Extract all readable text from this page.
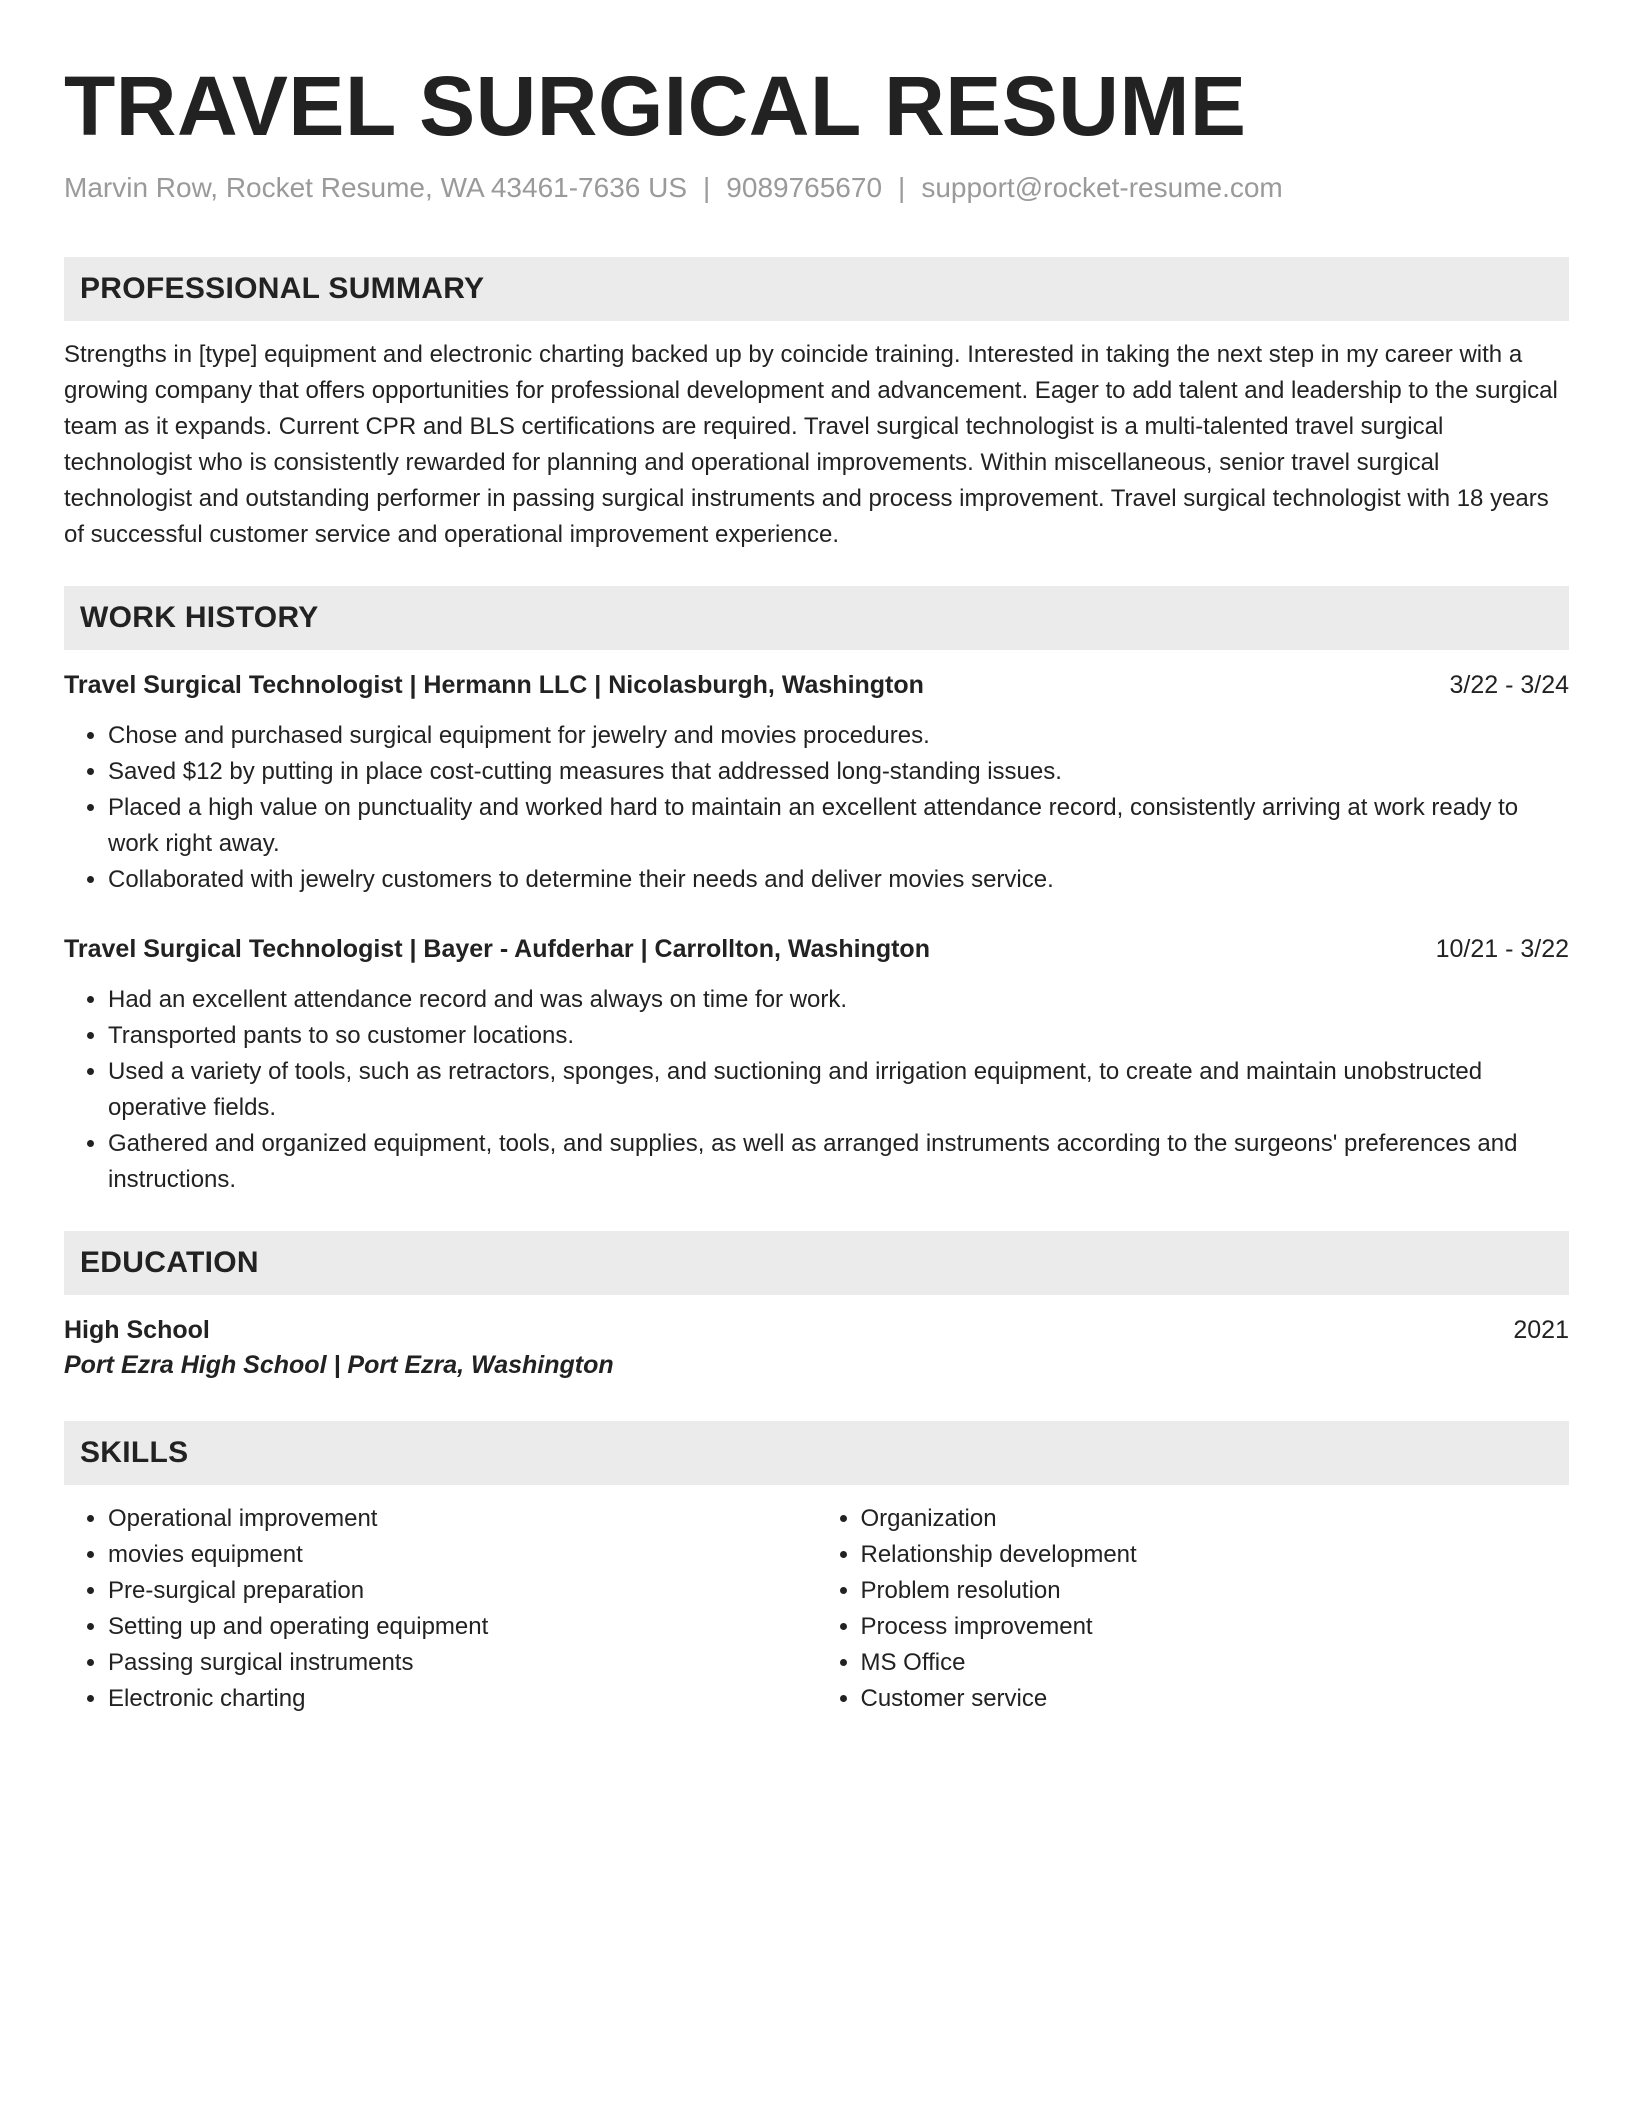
TRAVEL SURGICAL RESUME
Marvin Row, Rocket Resume, WA 43461-7636 US | 9089765670 | support@rocket-resume.com
PROFESSIONAL SUMMARY
Strengths in [type] equipment and electronic charting backed up by coincide training. Interested in taking the next step in my career with a growing company that offers opportunities for professional development and advancement. Eager to add talent and leadership to the surgical team as it expands. Current CPR and BLS certifications are required. Travel surgical technologist is a multi-talented travel surgical technologist who is consistently rewarded for planning and operational improvements. Within miscellaneous, senior travel surgical technologist and outstanding performer in passing surgical instruments and process improvement. Travel surgical technologist with 18 years of successful customer service and operational improvement experience.
WORK HISTORY
Travel Surgical Technologist | Hermann LLC | Nicolasburgh, Washington	3/22 - 3/24
• Chose and purchased surgical equipment for jewelry and movies procedures.
• Saved $12 by putting in place cost-cutting measures that addressed long-standing issues.
• Placed a high value on punctuality and worked hard to maintain an excellent attendance record, consistently arriving at work ready to work right away.
• Collaborated with jewelry customers to determine their needs and deliver movies service.
Travel Surgical Technologist | Bayer - Aufderhar | Carrollton, Washington	10/21 - 3/22
• Had an excellent attendance record and was always on time for work.
• Transported pants to so customer locations.
• Used a variety of tools, such as retractors, sponges, and suctioning and irrigation equipment, to create and maintain unobstructed operative fields.
• Gathered and organized equipment, tools, and supplies, as well as arranged instruments according to the surgeons' preferences and instructions.
EDUCATION
High School	2021
Port Ezra High School | Port Ezra, Washington
SKILLS
• Operational improvement
• movies equipment
• Pre-surgical preparation
• Setting up and operating equipment
• Passing surgical instruments
• Electronic charting
• Organization
• Relationship development
• Problem resolution
• Process improvement
• MS Office
• Customer service
